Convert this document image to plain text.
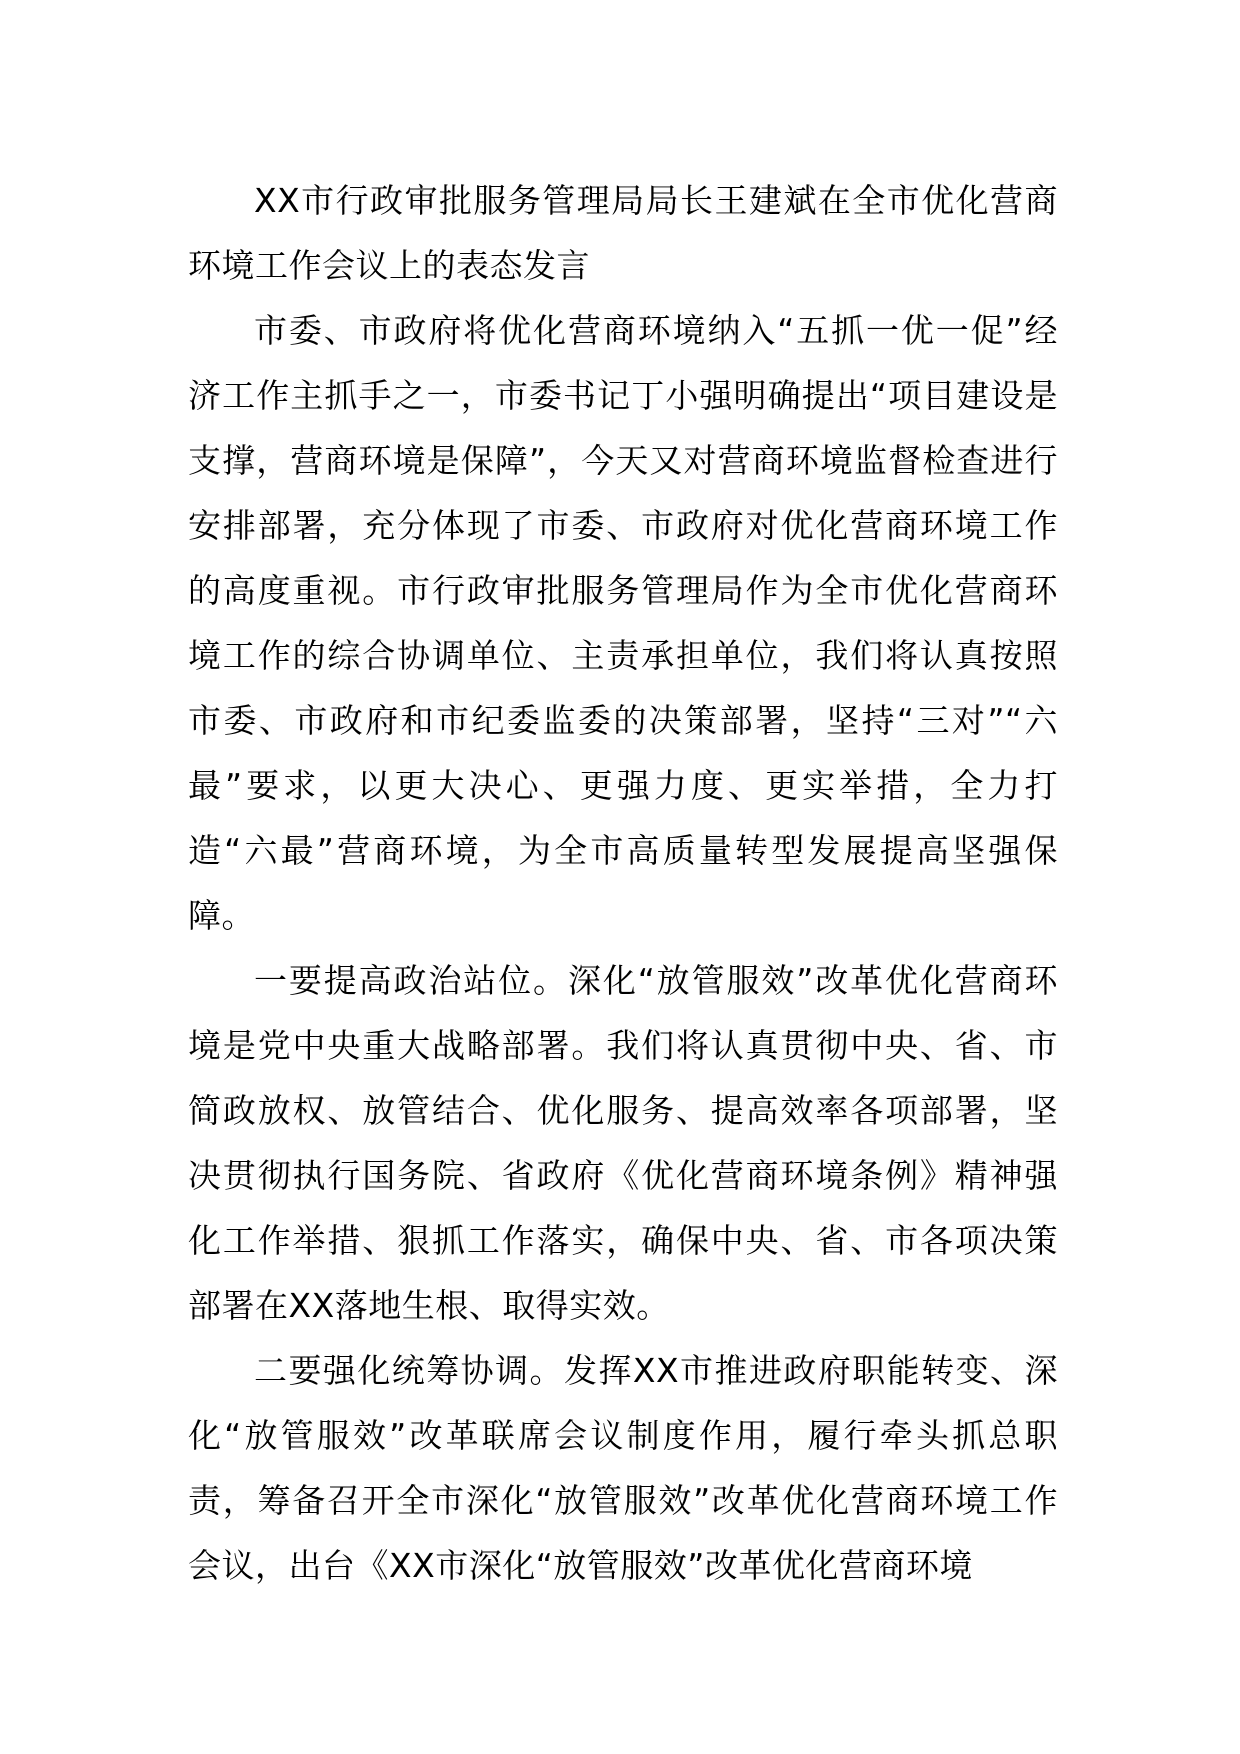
XX市行政审批服务管理局局长王建斌在全市优化营商环境工作会议上的表态发言

市委、市政府将优化营商环境纳入“五抓一优一促”经济工作主抓手之一，市委书记丁小强明确提出“项目建设是支撑，营商环境是保障”，今天又对营商环境监督检查进行安排部署，充分体现了市委、市政府对优化营商环境工作的高度重视。市行政审批服务管理局作为全市优化营商环境工作的综合协调单位、主责承担单位，我们将认真按照市委、市政府和市纪委监委的决策部署，坚持“三对”“六最”要求，以更大决心、更强力度、更实举措，全力打造“六最”营商环境，为全市高质量转型发展提高坚强保障。

一要提高政治站位。深化“放管服效”改革优化营商环境是党中央重大战略部署。我们将认真贯彻中央、省、市简政放权、放管结合、优化服务、提高效率各项部署，坚决贯彻执行国务院、省政府《优化营商环境条例》精神强化工作举措、狠抓工作落实，确保中央、省、市各项决策部署在XX落地生根、取得实效。

二要强化统筹协调。发挥XX市推进政府职能转变、深化“放管服效”改革联席会议制度作用，履行牵头抓总职责，筹备召开全市深化“放管服效”改革优化营商环境工作会议，出台《XX市深化“放管服效”改革优化营商环境
